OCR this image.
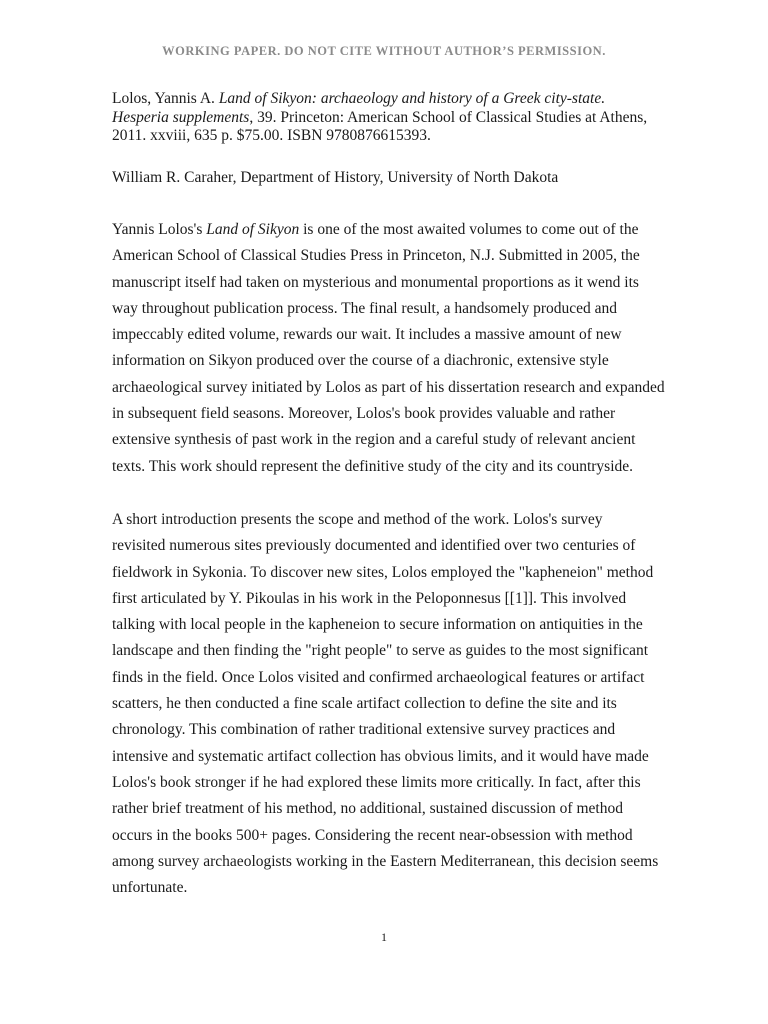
WORKING PAPER. DO NOT CITE WITHOUT AUTHOR’S PERMISSION.
Lolos, Yannis A. Land of Sikyon: archaeology and history of a Greek city-state. Hesperia supplements, 39. Princeton: American School of Classical Studies at Athens, 2011. xxviii, 635 p. $75.00. ISBN 9780876615393.
William R. Caraher, Department of History, University of North Dakota
Yannis Lolos's Land of Sikyon is one of the most awaited volumes to come out of the
American School of Classical Studies Press in Princeton, N.J. Submitted in 2005, the
manuscript itself had taken on mysterious and monumental proportions as it wend its
way throughout publication process. The final result, a handsomely produced and
impeccably edited volume, rewards our wait. It includes a massive amount of new
information on Sikyon produced over the course of a diachronic, extensive style
archaeological survey initiated by Lolos as part of his dissertation research and expanded
in subsequent field seasons. Moreover, Lolos's book provides valuable and rather
extensive synthesis of past work in the region and a careful study of relevant ancient
texts. This work should represent the definitive study of the city and its countryside.
A short introduction presents the scope and method of the work. Lolos's survey
revisited numerous sites previously documented and identified over two centuries of
fieldwork in Sykonia. To discover new sites, Lolos employed the "kapheneion" method
first articulated by Y. Pikoulas in his work in the Peloponnesus [[1]]. This involved
talking with local people in the kapheneion to secure information on antiquities in the
landscape and then finding the "right people" to serve as guides to the most significant
finds in the field. Once Lolos visited and confirmed archaeological features or artifact
scatters, he then conducted a fine scale artifact collection to define the site and its
chronology. This combination of rather traditional extensive survey practices and
intensive and systematic artifact collection has obvious limits, and it would have made
Lolos's book stronger if he had explored these limits more critically. In fact, after this
rather brief treatment of his method, no additional, sustained discussion of method
occurs in the books 500+ pages. Considering the recent near-obsession with method
among survey archaeologists working in the Eastern Mediterranean, this decision seems
unfortunate.
1
